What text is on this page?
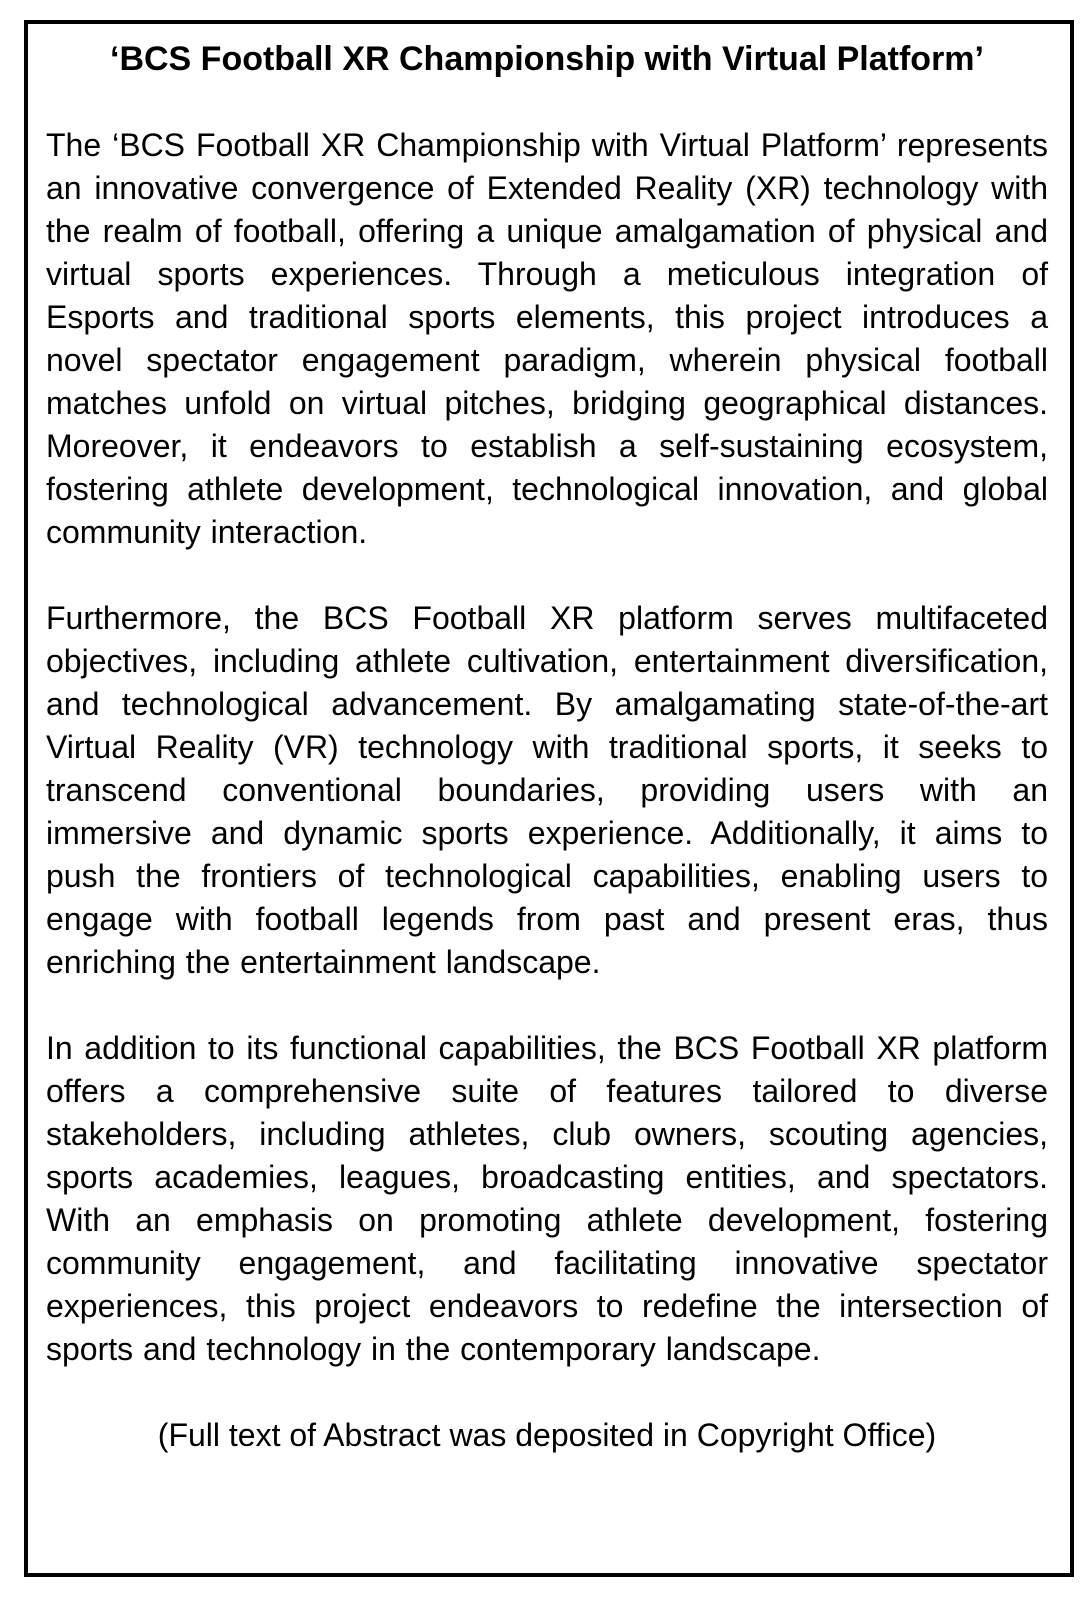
‘BCS Football XR Championship with Virtual Platform’

The ‘BCS Football XR Championship with Virtual Platform’ represents an innovative convergence of Extended Reality (XR) technology with the realm of football, offering a unique amalgamation of physical and virtual sports experiences. Through a meticulous integration of Esports and traditional sports elements, this project introduces a novel spectator engagement paradigm, wherein physical football matches unfold on virtual pitches, bridging geographical distances. Moreover, it endeavors to establish a self-sustaining ecosystem, fostering athlete development, technological innovation, and global community interaction.

Furthermore, the BCS Football XR platform serves multifaceted objectives, including athlete cultivation, entertainment diversification, and technological advancement. By amalgamating state-of-the-art Virtual Reality (VR) technology with traditional sports, it seeks to transcend conventional boundaries, providing users with an immersive and dynamic sports experience. Additionally, it aims to push the frontiers of technological capabilities, enabling users to engage with football legends from past and present eras, thus enriching the entertainment landscape.

In addition to its functional capabilities, the BCS Football XR platform offers a comprehensive suite of features tailored to diverse stakeholders, including athletes, club owners, scouting agencies, sports academies, leagues, broadcasting entities, and spectators. With an emphasis on promoting athlete development, fostering community engagement, and facilitating innovative spectator experiences, this project endeavors to redefine the intersection of sports and technology in the contemporary landscape.

(Full text of Abstract was deposited in Copyright Office)
